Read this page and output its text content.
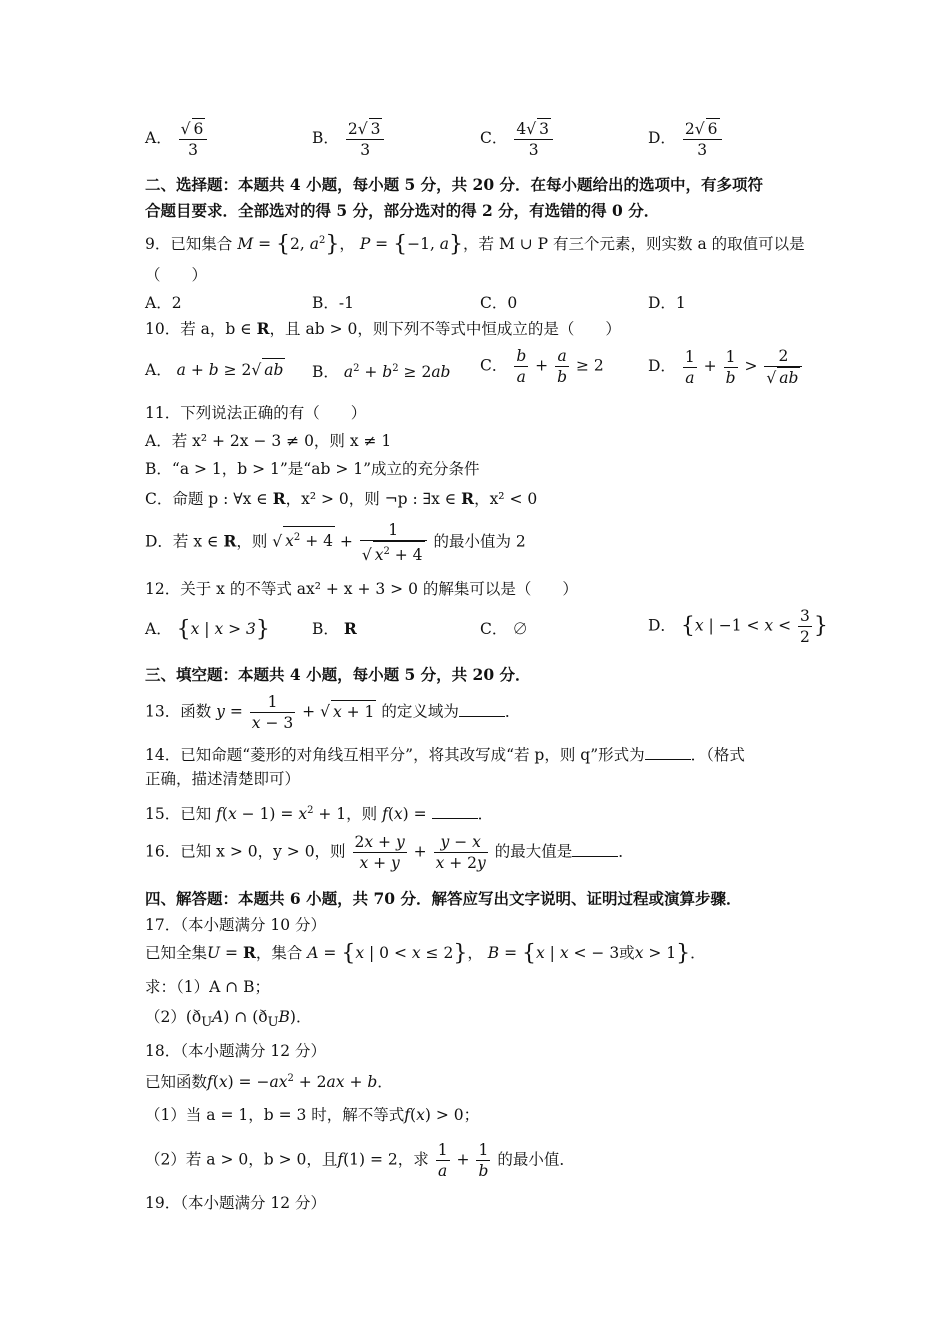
A． $\frac{√ 6}{3}$	B． $\frac{2√ 3}{3}$	C． $\frac{4√ 3}{3}$	D． $\frac{2√ 6}{3}$
二、选择题：本题共 4 小题，每小题 5 分，共 20 分．在每小题给出的选项中，有多项符
合题目要求．全部选对的得 5 分，部分选对的得 2 分，有选错的得 0 分．
9．已知集合 M = {2, $a^2$}， P = {−1, a}，若 M ∪ P 有三个元素，则实数 a 的取值可以是
（　　）
A．2	B．-1	C．0	D．1
10．若 a，b ∈ R，且 ab > 0，则下列不等式中恒成立的是（　　）
A． a + b ≥ 2√ ab B． $a^2 + b^2 \ge 2ab$ C． $\frac{b}{a} + \frac{a}{b} \ge 2$	D． $\frac{1}{a} + \frac{1}{b} > \frac{2}{√ ab}$
11．下列说法正确的有（　　）
A．若 x² + 2x − 3 ≠ 0，则 x ≠ 1
B．“a > 1，b > 1”是“ab > 1”成立的充分条件
C．命题 p : ∀x ∈ R，x² > 0，则 ¬p : ∃x ∈ R，x² < 0
D．若 x ∈ R，则 √ $x^2 + 4 + \frac{1}{√ x^2 + 4}$ 的最小值为 2
12．关于 x 的不等式 ax² + x + 3 > 0 的解集可以是（　　）
A． {x | x > 3}	B． R	C． ∅	D． {x | $-1 < x < \frac{3}{2}$ }
三、填空题：本题共 4 小题，每小题 5 分，共 20 分．
13．函数 $y = \frac{1}{x - 3}$ + √ x + 1 的定义域为	．
14．已知命题“菱形的对角线互相平分”，将其改写成“若 p，则 q”形式为	．（格式
正确，描述清楚即可）
15．已知 $f(x - 1) = x^2 + 1$，则 f(x) =	．
16．已知 x > 0，y > 0，则 $\frac{2x + y}{x + y} + \frac{y - x}{x + 2y}$ 的最大值是	．
四、解答题：本题共 6 小题，共 70 分．解答应写出文字说明、证明过程或演算步骤．
17．（本小题满分 10 分）
已知全集U = R，集合 A = {x | 0 < x ≤ 2}， B = {x | x < − 3或x > 1}．
求：（1）A ∩ B；
$(2)(ð_UA)$ ∩ $(ð_UB)$．
18．（本小题满分 12 分）
已知函数$f(x) = -ax^2 + 2ax + b$．
（1）当 a = 1，b = 3 时，解不等式f(x) > 0；
（2）若 a > 0，b > 0，且f(1) = 2，求 $\frac{1}{a} + \frac{1}{b}$ 的最小值．
19．（本小题满分 12 分）
